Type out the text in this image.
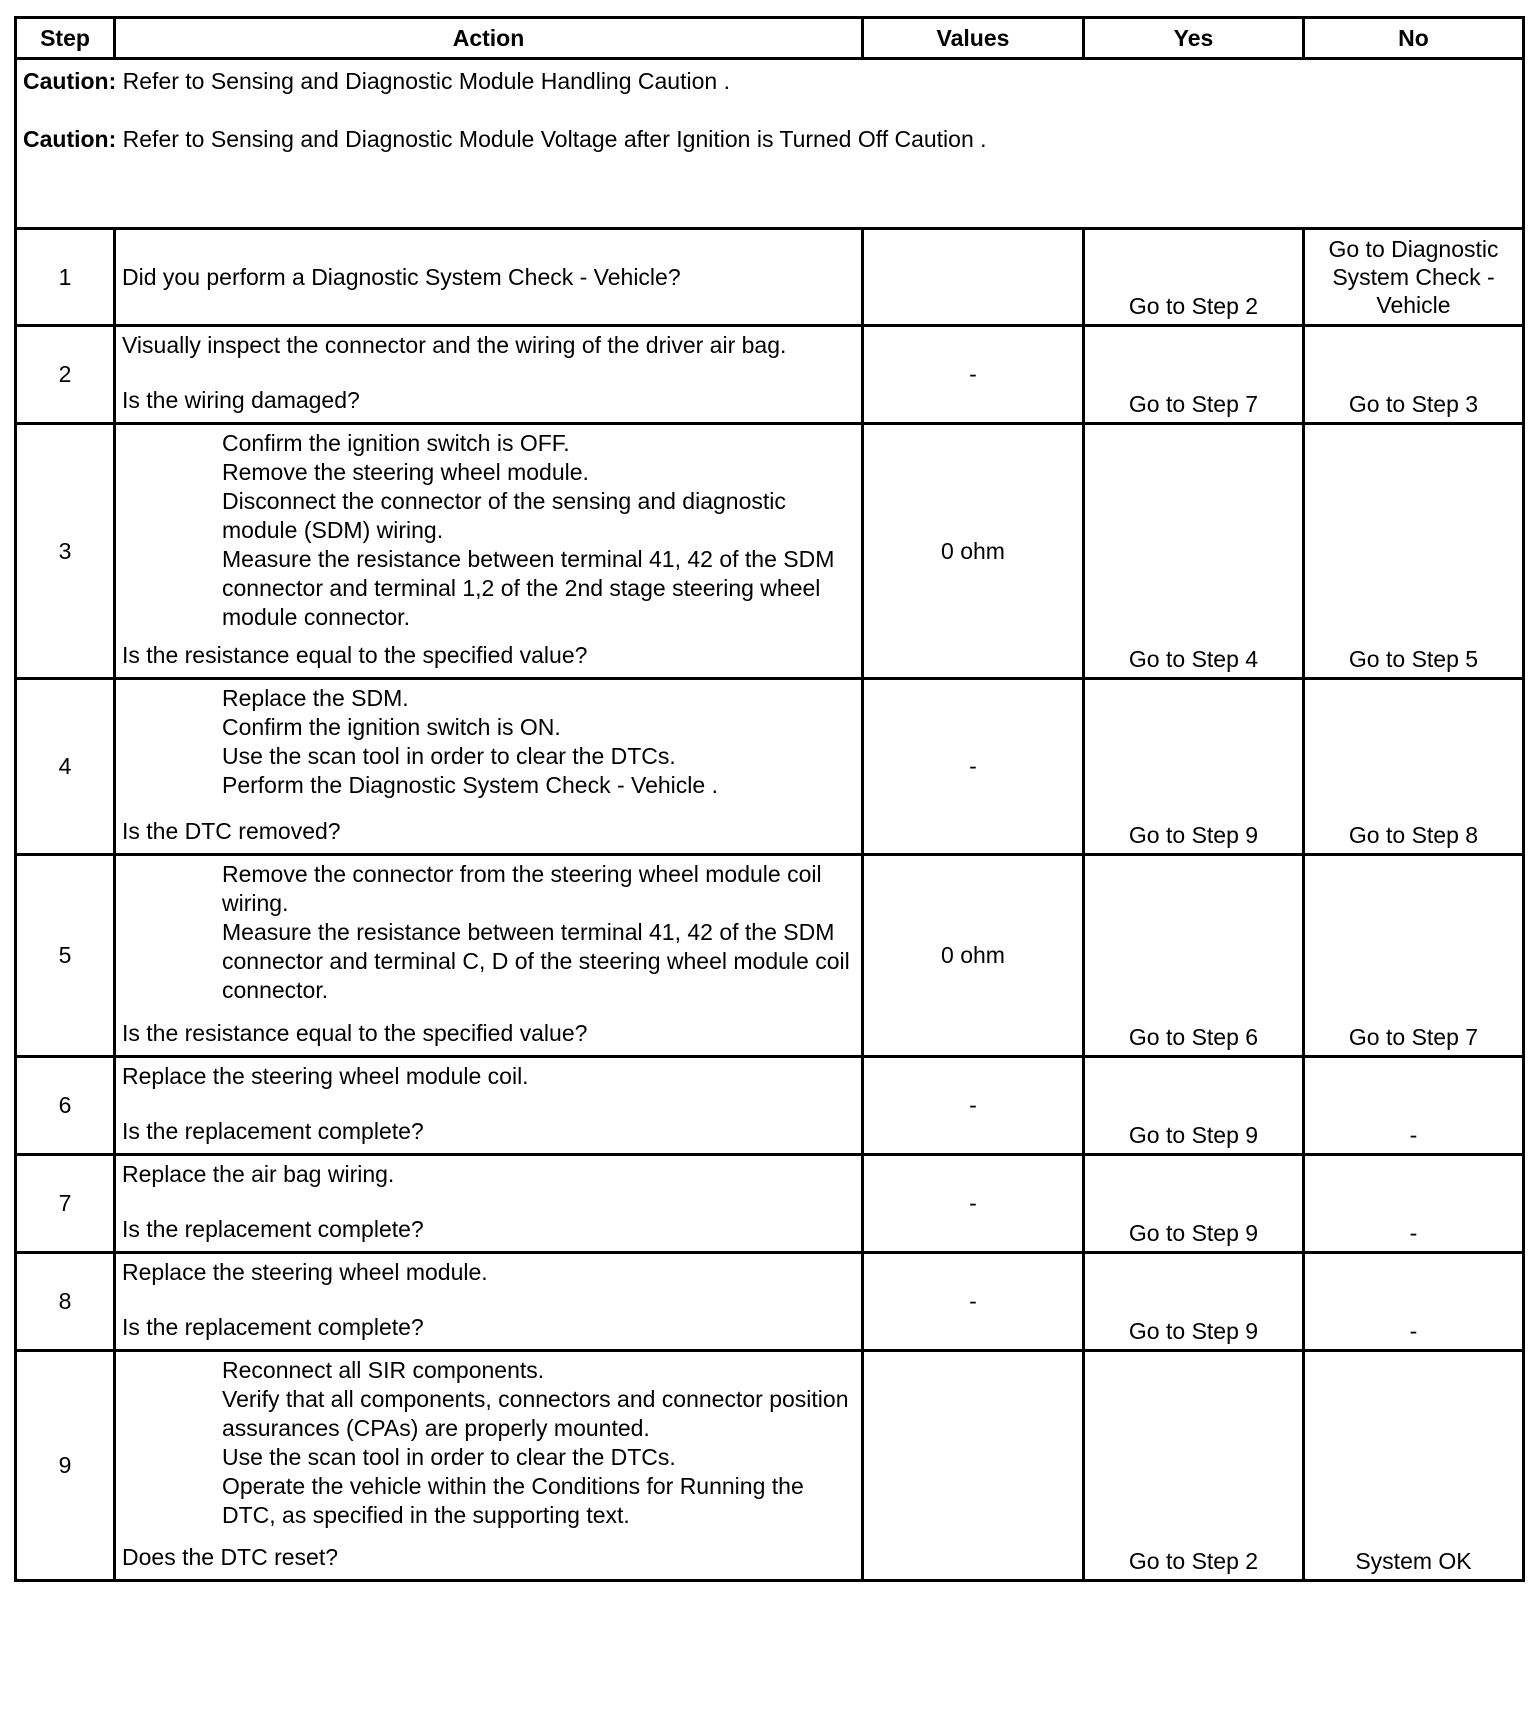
Step	Action	Values	Yes	No

Caution: Refer to Sensing and Diagnostic Module Handling Caution .
Caution: Refer to Sensing and Diagnostic Module Voltage after Ignition is Turned Off Caution .				

1	Did you perform a Diagnostic System Check - Vehicle?		Go to Step 2	Go to Diagnostic System Check - Vehicle
2	Visually inspect the connector and the wiring of the driver air bag.
Is the wiring damaged?	-	Go to Step 7	Go to Step 3
3	Confirm the ignition switch is OFF.
Remove the steering wheel module.
Disconnect the connector of the sensing and diagnostic module (SDM) wiring.
Measure the resistance between terminal 41, 42 of the SDM connector and terminal 1,2 of the 2nd stage steering wheel module connector.
Is the resistance equal to the specified value?	0 ohm	Go to Step 4	Go to Step 5
4	Replace the SDM.
Confirm the ignition switch is ON.
Use the scan tool in order to clear the DTCs.
Perform the Diagnostic System Check - Vehicle .
Is the DTC removed?	-	Go to Step 9	Go to Step 8
5	Remove the connector from the steering wheel module coil wiring.
Measure the resistance between terminal 41, 42 of the SDM connector and terminal C, D of the steering wheel module coil connector.
Is the resistance equal to the specified value?	0 ohm	Go to Step 6	Go to Step 7
6	Replace the steering wheel module coil.
Is the replacement complete?	-	Go to Step 9	-
7	Replace the air bag wiring.
Is the replacement complete?	-	Go to Step 9	-
8	Replace the steering wheel module.
Is the replacement complete?	-	Go to Step 9	-
9	Reconnect all SIR components.
Verify that all components, connectors and connector position assurances (CPAs) are properly mounted.
Use the scan tool in order to clear the DTCs.
Operate the vehicle within the Conditions for Running the DTC, as specified in the supporting text.
Does the DTC reset?		Go to Step 2	System OK
